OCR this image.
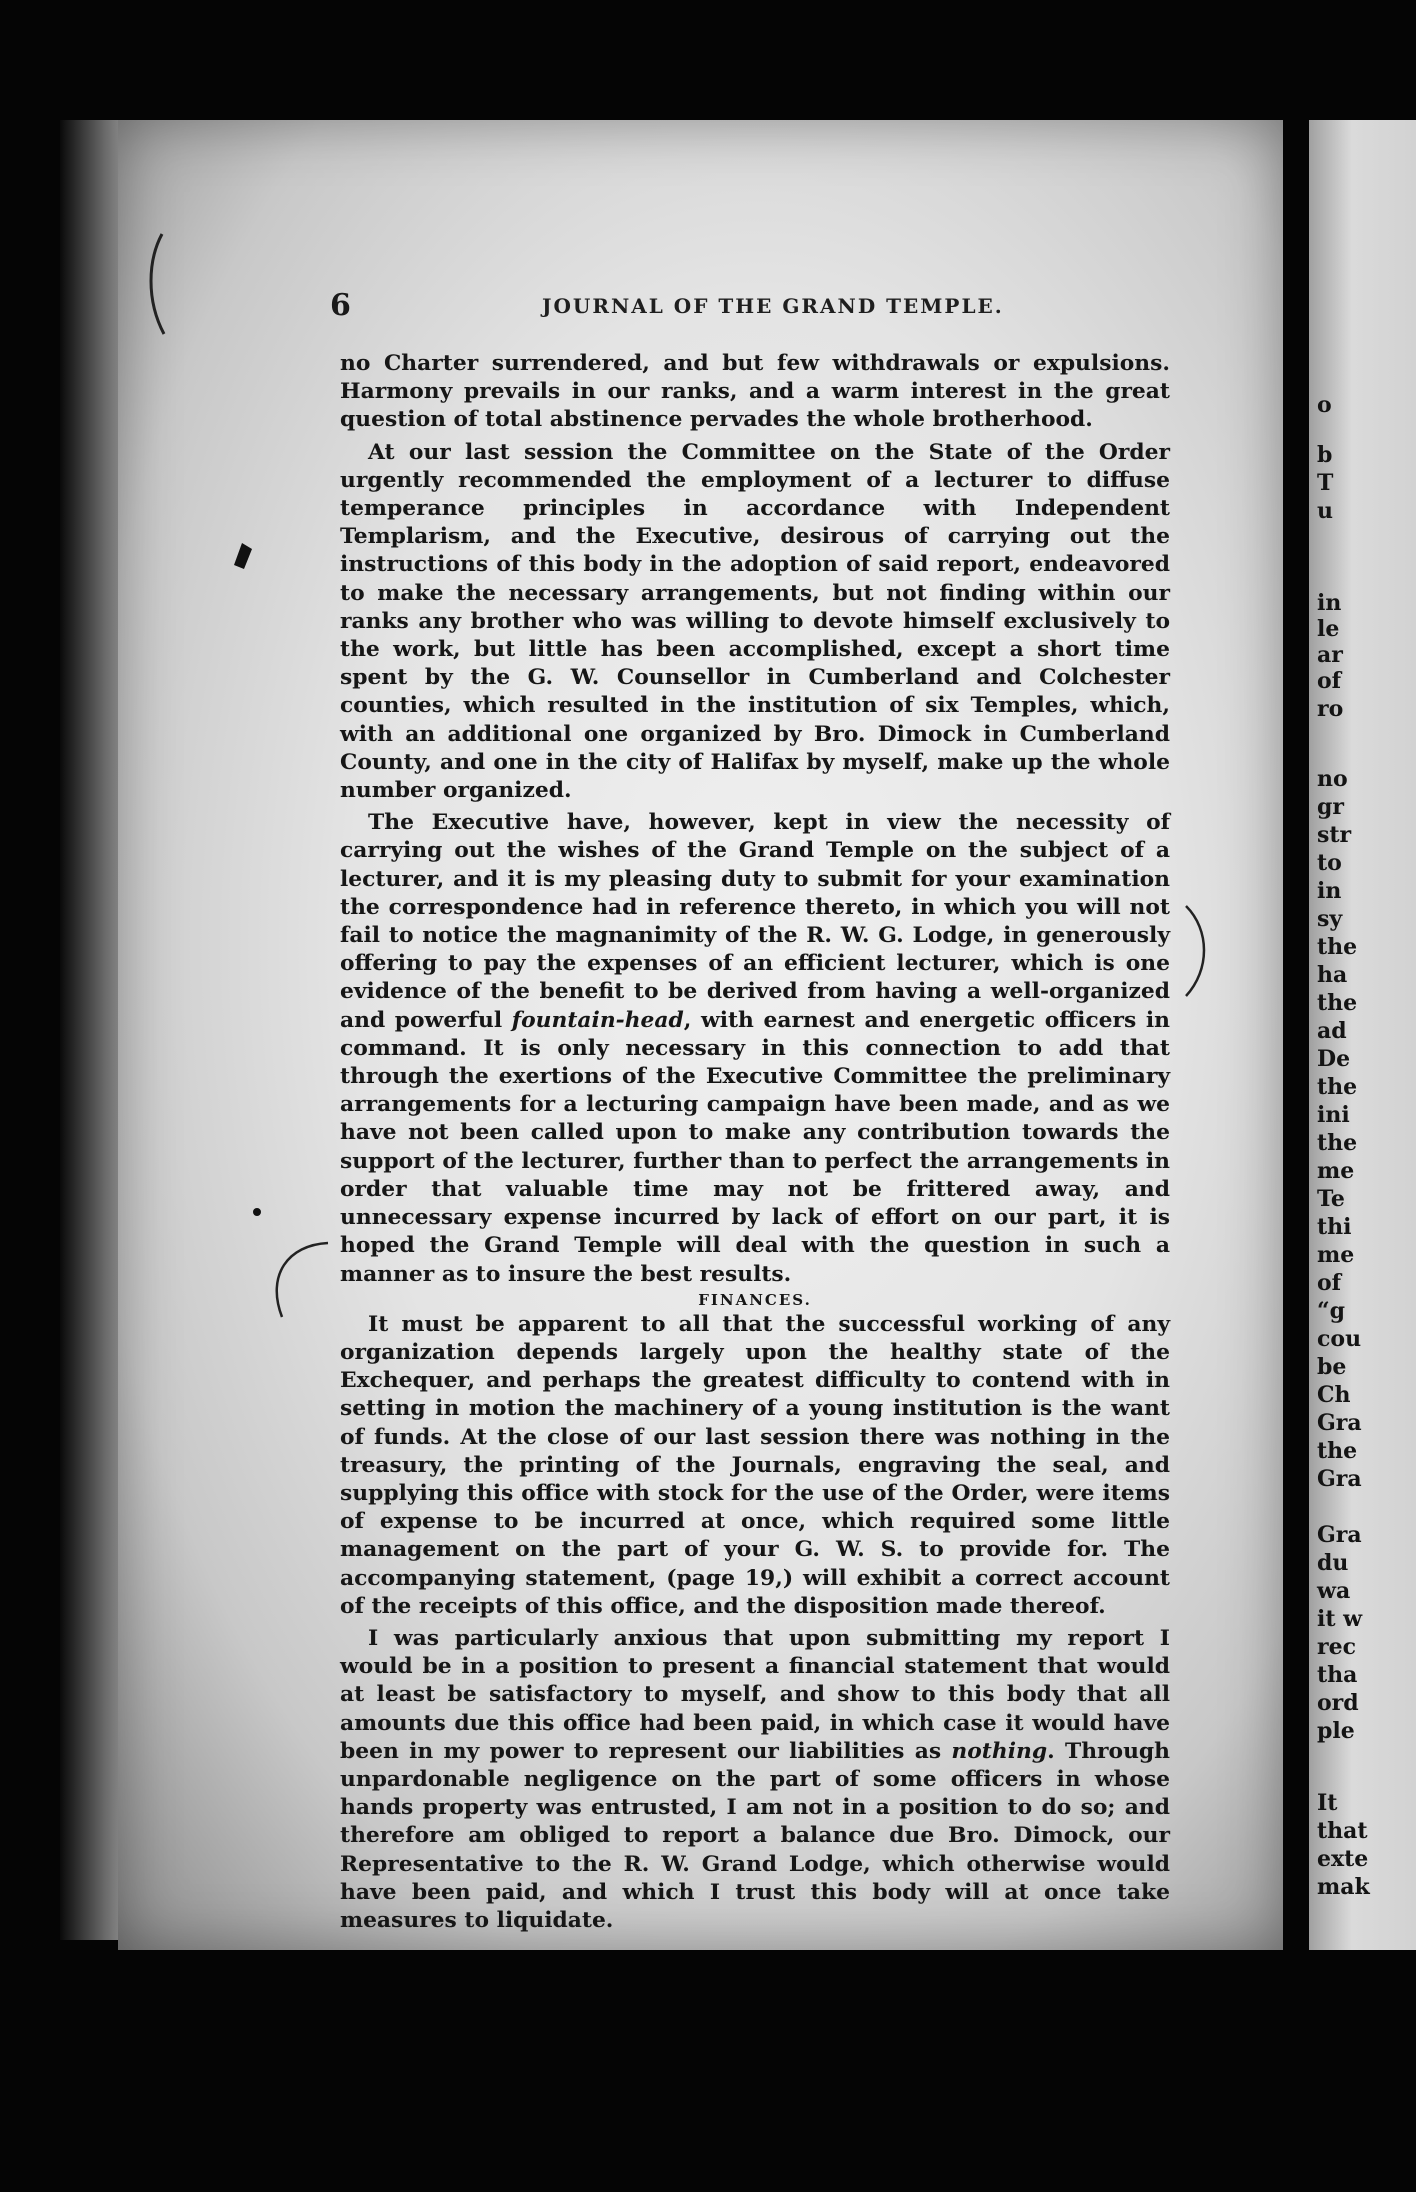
6	JOURNAL OF THE GRAND TEMPLE.

no Charter surrendered, and but few withdrawals or expulsions. Harmony prevails in our ranks, and a warm interest in the great question of total abstinence pervades the whole brotherhood.

At our last session the Committee on the State of the Order urgently recommended the employment of a lecturer to diffuse temperance principles in accordance with Independent Templarism, and the Executive, desirous of carrying out the instructions of this body in the adoption of said report, endeavored to make the necessary arrangements, but not finding within our ranks any brother who was willing to devote himself exclusively to the work, but little has been accomplished, except a short time spent by the G. W. Counsellor in Cumberland and Colchester counties, which resulted in the institution of six Temples, which, with an additional one organized by Bro. Dimock in Cumberland County, and one in the city of Halifax by myself, make up the whole number organized.

The Executive have, however, kept in view the necessity of carrying out the wishes of the Grand Temple on the subject of a lecturer, and it is my pleasing duty to submit for your examination the correspondence had in reference thereto, in which you will not fail to notice the magnanimity of the R. W. G. Lodge, in generously offering to pay the expenses of an efficient lecturer, which is one evidence of the benefit to be derived from having a well-organized and powerful fountain-head, with earnest and energetic officers in command. It is only necessary in this connection to add that through the exertions of the Executive Committee the preliminary arrangements for a lecturing campaign have been made, and as we have not been called upon to make any contribution towards the support of the lecturer, further than to perfect the arrangements in order that valuable time may not be frittered away, and unnecessary expense incurred by lack of effort on our part, it is hoped the Grand Temple will deal with the question in such a manner as to insure the best results.

FINANCES.

It must be apparent to all that the successful working of any organization depends largely upon the healthy state of the Exchequer, and perhaps the greatest difficulty to contend with in setting in motion the machinery of a young institution is the want of funds. At the close of our last session there was nothing in the treasury, the printing of the Journals, engraving the seal, and supplying this office with stock for the use of the Order, were items of expense to be incurred at once, which required some little management on the part of your G. W. S. to provide for. The accompanying statement, (page 19,) will exhibit a correct account of the receipts of this office, and the disposition made thereof.

I was particularly anxious that upon submitting my report I would be in a position to present a financial statement that would at least be satisfactory to myself, and show to this body that all amounts due this office had been paid, in which case it would have been in my power to represent our liabilities as nothing. Through unpardonable negligence on the part of some officers in whose hands property was entrusted, I am not in a position to do so; and therefore am obliged to report a balance due Bro. Dimock, our Representative to the R. W. Grand Lodge, which otherwise would have been paid, and which I trust this body will at once take measures to liquidate.

o
b
T
u
in
le
ar
of
ro
no
gr
str
to
in
sy
the
ha
the
ad
De
the
ini
the
me
Te
thi
me
of
“g
cou
be
Ch
Gra
the
Gra
Gra
du
wa
it w
rec
tha
ord
ple
It
that
exte
mak
